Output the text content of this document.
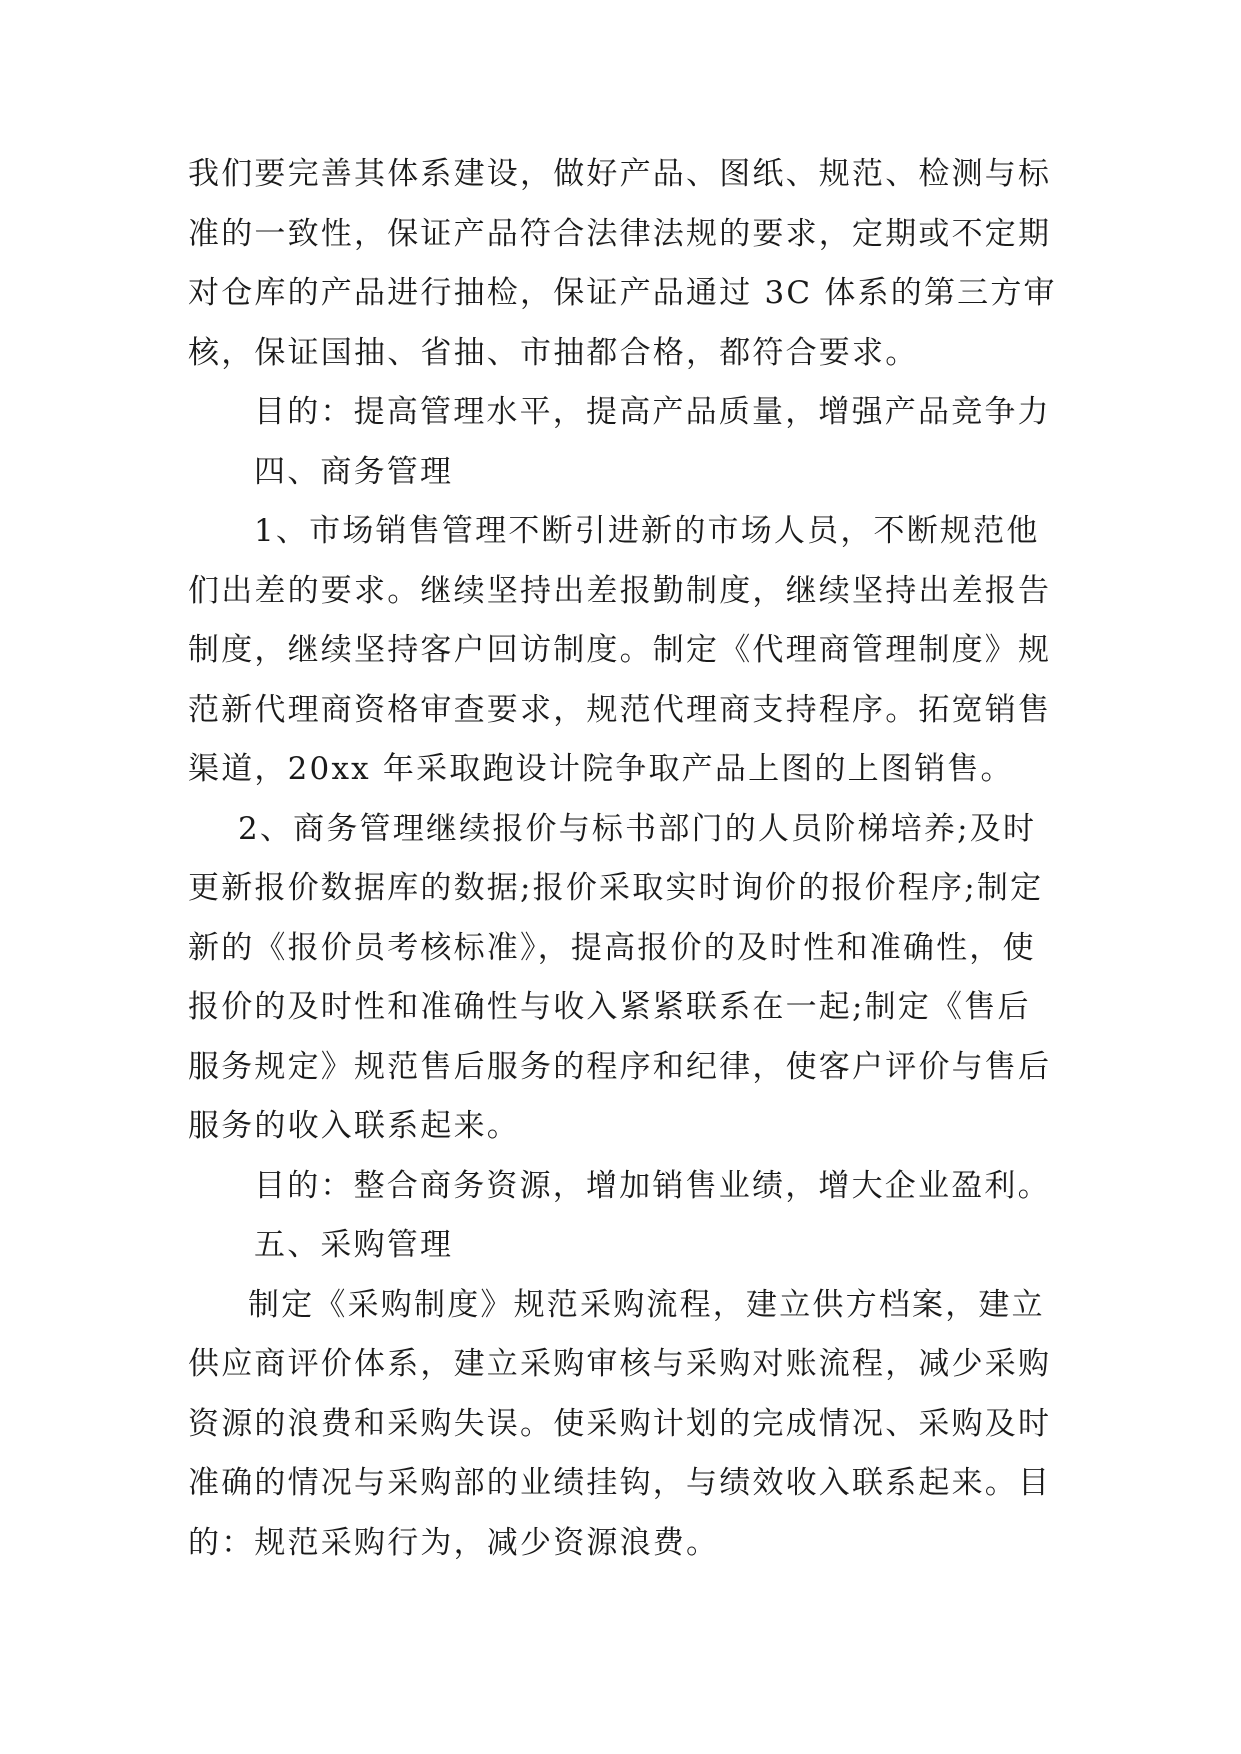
我们要完善其体系建设，做好产品、图纸、规范、检测与标
准的一致性，保证产品符合法律法规的要求，定期或不定期
对仓库的产品进行抽检，保证产品通过 3C 体系的第三方审
核，保证国抽、省抽、市抽都合格，都符合要求。
目的：提高管理水平，提高产品质量，增强产品竞争力
四、商务管理
1、市场销售管理不断引进新的市场人员，不断规范他
们出差的要求。继续坚持出差报勤制度，继续坚持出差报告
制度，继续坚持客户回访制度。制定《代理商管理制度》规
范新代理商资格审查要求，规范代理商支持程序。拓宽销售
渠道，20xx 年采取跑设计院争取产品上图的上图销售。
2、商务管理继续报价与标书部门的人员阶梯培养;及时
更新报价数据库的数据;报价采取实时询价的报价程序;制定
新的《报价员考核标准》，提高报价的及时性和准确性，使
报价的及时性和准确性与收入紧紧联系在一起;制定《售后
服务规定》规范售后服务的程序和纪律，使客户评价与售后
服务的收入联系起来。
目的：整合商务资源，增加销售业绩，增大企业盈利。
五、采购管理
制定《采购制度》规范采购流程，建立供方档案，建立
供应商评价体系，建立采购审核与采购对账流程，减少采购
资源的浪费和采购失误。使采购计划的完成情况、采购及时
准确的情况与采购部的业绩挂钩，与绩效收入联系起来。目
的：规范采购行为，减少资源浪费。
